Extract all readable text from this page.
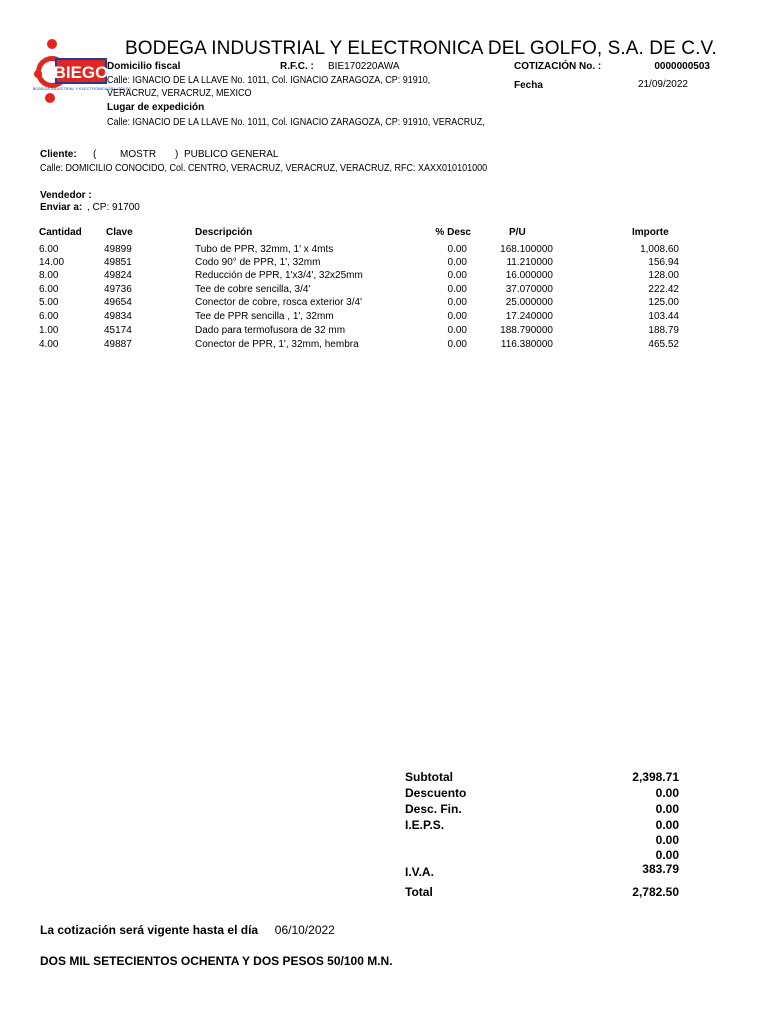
BIEGO
BODEGA INDUSTRIAL Y ELECTRONICA DEL GOLFO
BODEGA INDUSTRIAL Y ELECTRONICA DEL GOLFO, S.A. DE C.V.
Domicilio fiscal	R.F.C. : BIE170220AWA	COTIZACIÓN No. :	0000000503
Calle: IGNACIO DE LA LLAVE No. 1011, Col. IGNACIO ZARAGOZA, CP: 91910,	Fecha	21/09/2022
VERACRUZ, VERACRUZ, MEXICO
Lugar de expedición
Calle: IGNACIO DE LA LLAVE No. 1011, Col. IGNACIO ZARAGOZA, CP: 91910, VERACRUZ,
Cliente: ( MOSTR ) PUBLICO GENERAL
Calle: DOMICILIO CONOCIDO, Col. CENTRO, VERACRUZ, VERACRUZ, VERACRUZ, RFC: XAXX010101000
Vendedor :
Enviar a: , CP: 91700
Cantidad Clave	Descripción	% Desc	P/U	Importe
6.00	49899	Tubo de PPR, 32mm, 1' x 4mts	0.00	168.100000	1,008.60
14.00	49851	Codo 90° de PPR, 1', 32mm	0.00	11.210000	156.94
8.00	49824	Reducción de PPR, 1'x3/4', 32x25mm	0.00	16.000000	128.00
6.00	49736	Tee de cobre sencilla, 3/4'	0.00	37.070000	222.42
5.00	49654	Conector de cobre, rosca exterior 3/4'	0.00	25.000000	125.00
6.00	49834	Tee de PPR sencilla , 1', 32mm	0.00	17.240000	103.44
1.00	45174	Dado para termofusora de 32 mm	0.00	188.790000	188.79
4.00	49887	Conector de PPR, 1', 32mm, hembra	0.00	116.380000	465.52
Subtotal	2,398.71
Descuento	0.00
Desc. Fin.	0.00
I.E.P.S.	0.00
0.00
0.00
I.V.A.	383.79
Total	2,782.50
La cotización será vigente hasta el día 06/10/2022
DOS MIL SETECIENTOS OCHENTA Y DOS PESOS 50/100 M.N.
